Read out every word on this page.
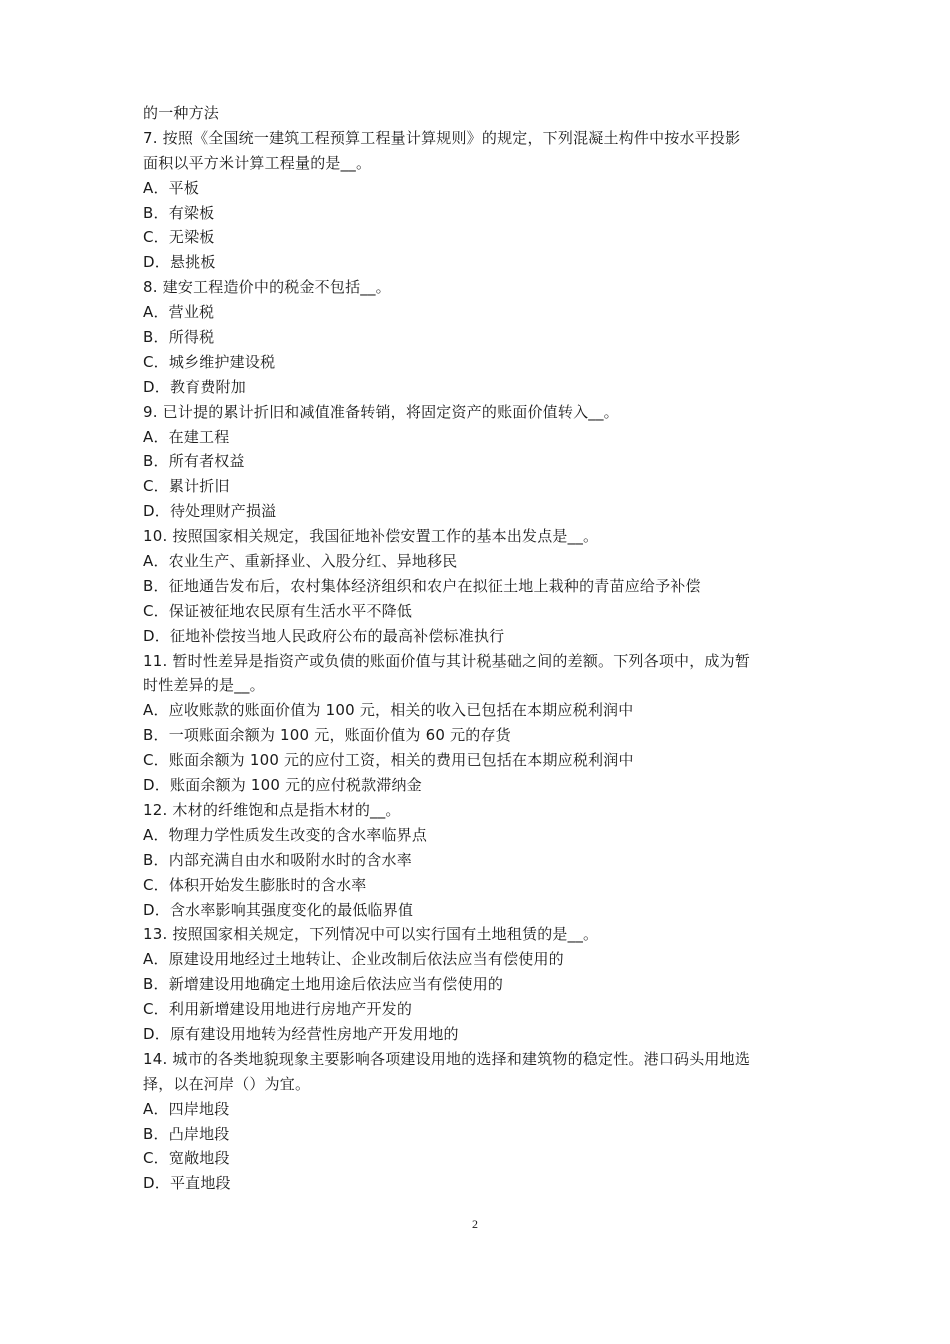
的一种方法
7. 按照《全国统一建筑工程预算工程量计算规则》的规定，下列混凝土构件中按水平投影
面积以平方米计算工程量的是__。
A．平板
B．有梁板
C．无梁板
D．悬挑板
8. 建安工程造价中的税金不包括__。
A．营业税
B．所得税
C．城乡维护建设税
D．教育费附加
9. 已计提的累计折旧和减值准备转销，将固定资产的账面价值转入__。
A．在建工程
B．所有者权益
C．累计折旧
D．待处理财产损溢
10. 按照国家相关规定，我国征地补偿安置工作的基本出发点是__。
A．农业生产、重新择业、入股分红、异地移民
B．征地通告发布后，农村集体经济组织和农户在拟征土地上栽种的青苗应给予补偿
C．保证被征地农民原有生活水平不降低
D．征地补偿按当地人民政府公布的最高补偿标准执行
11. 暂时性差异是指资产或负债的账面价值与其计税基础之间的差额。下列各项中，成为暂
时性差异的是__。
A．应收账款的账面价值为 100 元，相关的收入已包括在本期应税利润中
B．一项账面余额为 100 元，账面价值为 60 元的存货
C．账面余额为 100 元的应付工资，相关的费用已包括在本期应税利润中
D．账面余额为 100 元的应付税款滞纳金
12. 木材的纤维饱和点是指木材的__。
A．物理力学性质发生改变的含水率临界点
B．内部充满自由水和吸附水时的含水率
C．体积开始发生膨胀时的含水率
D．含水率影响其强度变化的最低临界值
13. 按照国家相关规定，下列情况中可以实行国有土地租赁的是__。
A．原建设用地经过土地转让、企业改制后依法应当有偿使用的
B．新增建设用地确定土地用途后依法应当有偿使用的
C．利用新增建设用地进行房地产开发的
D．原有建设用地转为经营性房地产开发用地的
14. 城市的各类地貌现象主要影响各项建设用地的选择和建筑物的稳定性。港口码头用地选
择，以在河岸（）为宜。
A．四岸地段
B．凸岸地段
C．宽敞地段
D．平直地段
2
